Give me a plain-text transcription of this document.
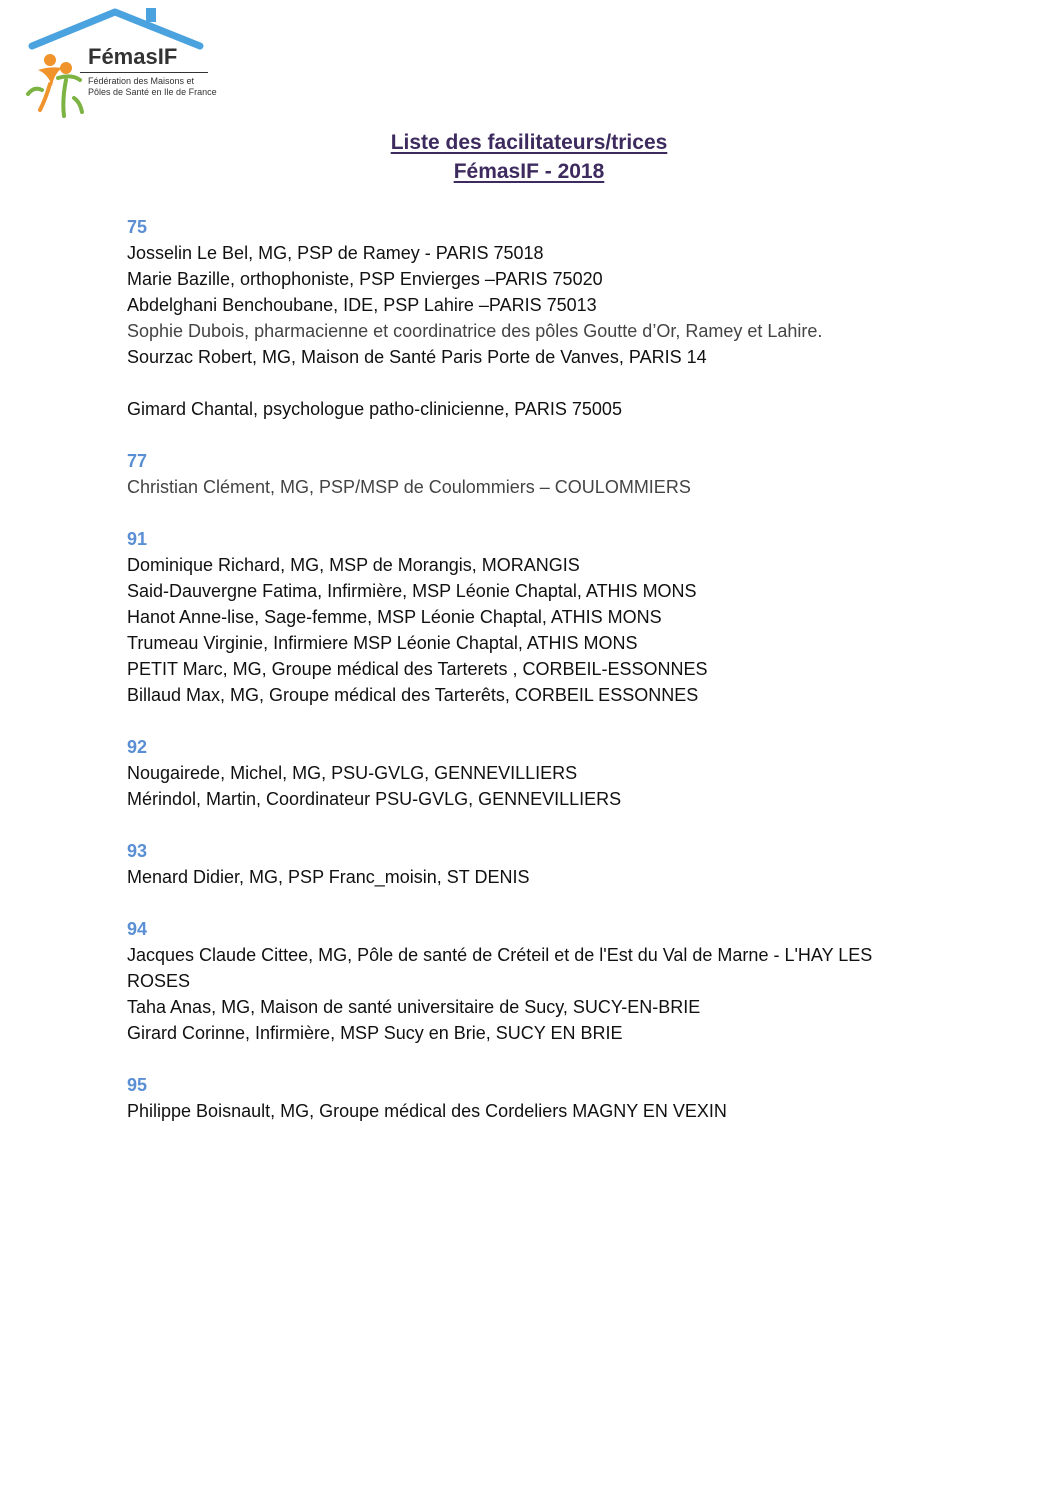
FémasIF
Fédération des Maisons et
Pôles de Santé en Ile de France
Liste des facilitateurs/trices
FémasIF - 2018
75
Josselin Le Bel, MG, PSP de Ramey - PARIS 75018
Marie Bazille, orthophoniste, PSP Envierges –PARIS 75020
Abdelghani Benchoubane, IDE, PSP Lahire –PARIS 75013
Sophie Dubois, pharmacienne et coordinatrice des pôles Goutte d’Or, Ramey et Lahire.
Sourzac Robert, MG, Maison de Santé Paris Porte de Vanves, PARIS 14
Gimard Chantal, psychologue patho-clinicienne, PARIS 75005
77
Christian Clément, MG, PSP/MSP de Coulommiers – COULOMMIERS
91
Dominique Richard, MG, MSP de Morangis, MORANGIS
Said-Dauvergne Fatima, Infirmière, MSP Léonie Chaptal, ATHIS MONS
Hanot Anne-lise, Sage-femme, MSP Léonie Chaptal, ATHIS MONS
Trumeau Virginie, Infirmiere MSP Léonie Chaptal, ATHIS MONS
PETIT Marc, MG, Groupe médical des Tarterets , CORBEIL-ESSONNES
Billaud Max, MG, Groupe médical des Tarterêts, CORBEIL ESSONNES
92
Nougairede, Michel, MG, PSU-GVLG, GENNEVILLIERS
Mérindol, Martin, Coordinateur PSU-GVLG, GENNEVILLIERS
93
Menard Didier, MG, PSP Franc_moisin, ST DENIS
94
Jacques Claude Cittee, MG, Pôle de santé de Créteil et de l'Est du Val de Marne - L'HAY LES
ROSES
Taha Anas, MG, Maison de santé universitaire de Sucy, SUCY-EN-BRIE
Girard Corinne, Infirmière, MSP Sucy en Brie, SUCY EN BRIE
95
Philippe Boisnault, MG, Groupe médical des Cordeliers MAGNY EN VEXIN
